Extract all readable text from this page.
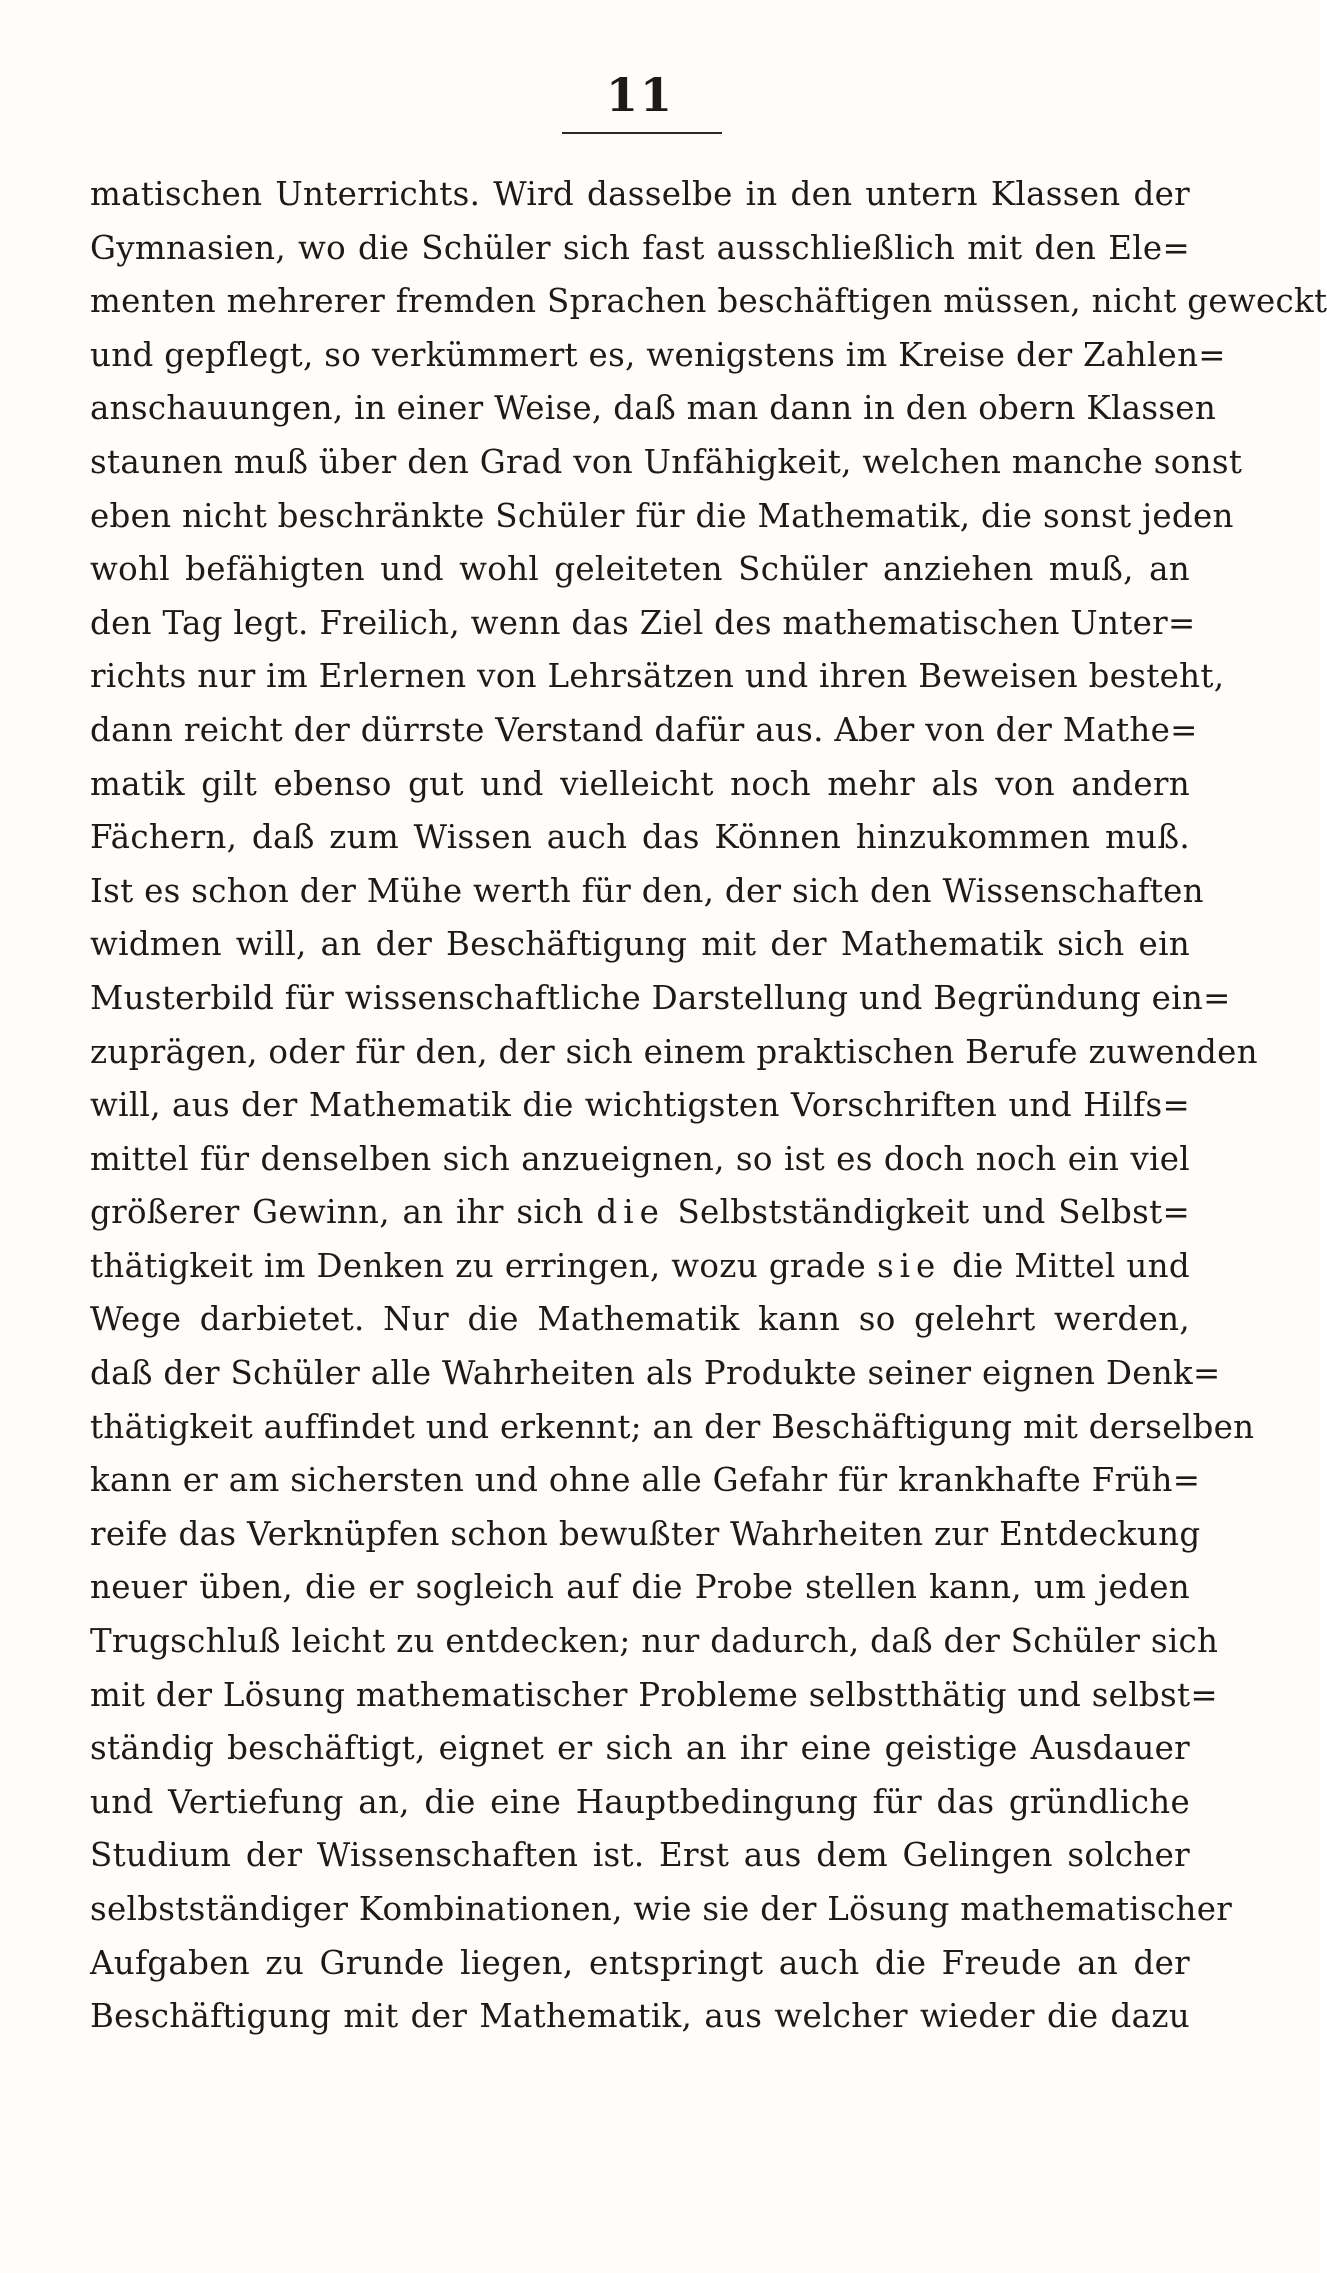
11
matischen Unterrichts. Wird dasselbe in den untern Klassen der
Gymnasien, wo die Schüler sich fast ausschließlich mit den Ele=
menten mehrerer fremden Sprachen beschäftigen müssen, nicht geweckt
und gepflegt, so verkümmert es, wenigstens im Kreise der Zahlen=
anschauungen, in einer Weise, daß man dann in den obern Klassen
staunen muß über den Grad von Unfähigkeit, welchen manche sonst
eben nicht beschränkte Schüler für die Mathematik, die sonst jeden
wohl befähigten und wohl geleiteten Schüler anziehen muß, an
den Tag legt. Freilich, wenn das Ziel des mathematischen Unter=
richts nur im Erlernen von Lehrsätzen und ihren Beweisen besteht,
dann reicht der dürrste Verstand dafür aus. Aber von der Mathe=
matik gilt ebenso gut und vielleicht noch mehr als von andern
Fächern, daß zum Wissen auch das Können hinzukommen muß.
Ist es schon der Mühe werth für den, der sich den Wissenschaften
widmen will, an der Beschäftigung mit der Mathematik sich ein
Musterbild für wissenschaftliche Darstellung und Begründung ein=
zuprägen, oder für den, der sich einem praktischen Berufe zuwenden
will, aus der Mathematik die wichtigsten Vorschriften und Hilfs=
mittel für denselben sich anzueignen, so ist es doch noch ein viel
größerer Gewinn, an ihr sich die Selbstständigkeit und Selbst=
thätigkeit im Denken zu erringen, wozu grade sie die Mittel und
Wege darbietet. Nur die Mathematik kann so gelehrt werden,
daß der Schüler alle Wahrheiten als Produkte seiner eignen Denk=
thätigkeit auffindet und erkennt; an der Beschäftigung mit derselben
kann er am sichersten und ohne alle Gefahr für krankhafte Früh=
reife das Verknüpfen schon bewußter Wahrheiten zur Entdeckung
neuer üben, die er sogleich auf die Probe stellen kann, um jeden
Trugschluß leicht zu entdecken; nur dadurch, daß der Schüler sich
mit der Lösung mathematischer Probleme selbstthätig und selbst=
ständig beschäftigt, eignet er sich an ihr eine geistige Ausdauer
und Vertiefung an, die eine Hauptbedingung für das gründliche
Studium der Wissenschaften ist. Erst aus dem Gelingen solcher
selbstständiger Kombinationen, wie sie der Lösung mathematischer
Aufgaben zu Grunde liegen, entspringt auch die Freude an der
Beschäftigung mit der Mathematik, aus welcher wieder die dazu
